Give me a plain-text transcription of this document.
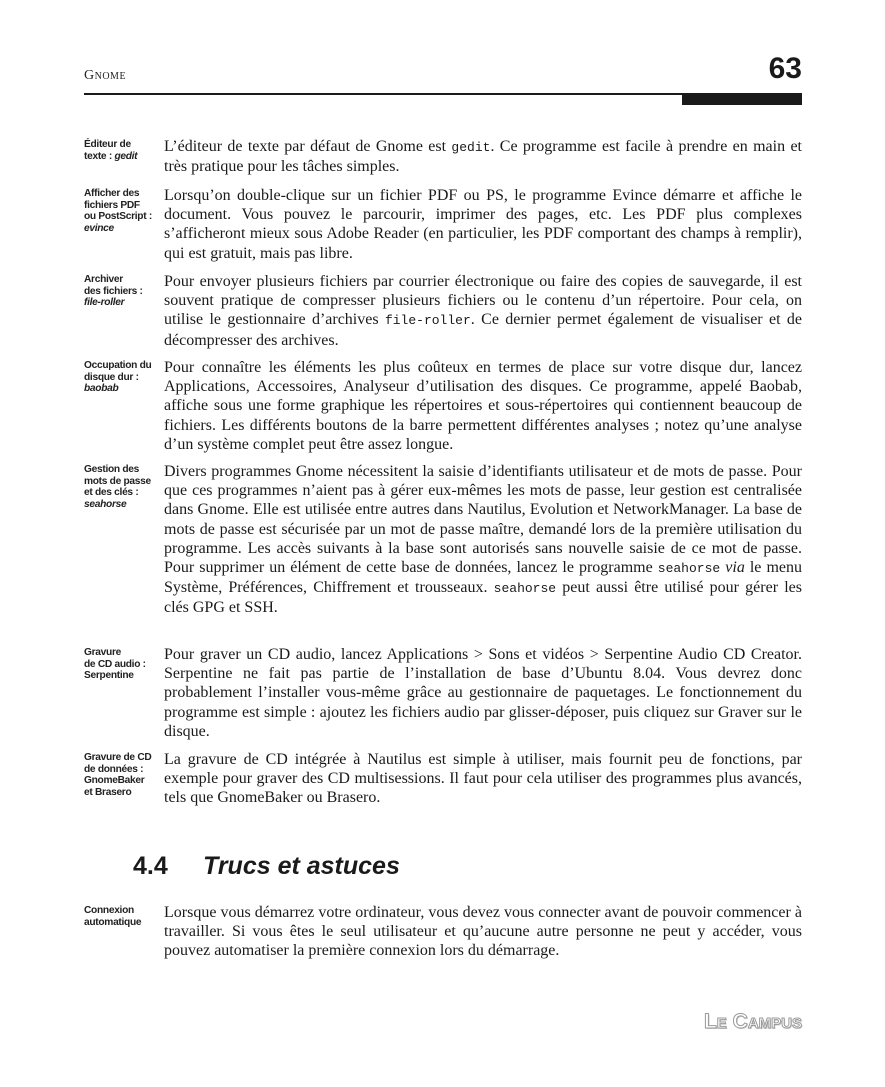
Gnome	63
Éditeur de
texte : gedit

L’éditeur de texte par défaut de Gnome est gedit. Ce programme est facile à prendre en main et très pratique pour les tâches simples.

Afficher des
fichiers PDF
ou PostScript :
evince

Lorsqu’on double-clique sur un fichier PDF ou PS, le programme Evince démarre et affiche le document. Vous pouvez le parcourir, imprimer des pages, etc. Les PDF plus complexes s’afficheront mieux sous Adobe Reader (en particulier, les PDF comportant des champs à remplir), qui est gratuit, mais pas libre.

Archiver
des fichiers :
file-roller

Pour envoyer plusieurs fichiers par courrier électronique ou faire des copies de sauvegarde, il est souvent pratique de compresser plusieurs fichiers ou le contenu d’un répertoire. Pour cela, on utilise le gestionnaire d’archives file-roller. Ce dernier permet également de visualiser et de décompresser des archives.

Occupation du
disque dur :
baobab

Pour connaître les éléments les plus coûteux en termes de place sur votre disque dur, lancez Applications, Accessoires, Analyseur d’utilisation des disques. Ce programme, appelé Baobab, affiche sous une forme graphique les répertoires et sous-répertoires qui contiennent beaucoup de fichiers. Les différents boutons de la barre permettent différentes analyses ; notez qu’une analyse d’un système complet peut être assez longue.

Gestion des
mots de passe
et des clés :
seahorse

Divers programmes Gnome nécessitent la saisie d’identifiants utilisateur et de mots de passe. Pour que ces programmes n’aient pas à gérer eux-mêmes les mots de passe, leur gestion est centralisée dans Gnome. Elle est utilisée entre autres dans Nautilus, Evolution et NetworkManager. La base de mots de passe est sécurisée par un mot de passe maître, demandé lors de la première utilisation du programme. Les accès suivants à la base sont autorisés sans nouvelle saisie de ce mot de passe. Pour supprimer un élément de cette base de données, lancez le programme seahorse via le menu Système, Préférences, Chiffrement et trousseaux. seahorse peut aussi être utilisé pour gérer les clés GPG et SSH.

Gravure
de CD audio :
Serpentine

Pour graver un CD audio, lancez Applications > Sons et vidéos > Serpentine Audio CD Creator. Serpentine ne fait pas partie de l’installation de base d’Ubuntu 8.04. Vous devrez donc probablement l’installer vous-même grâce au gestionnaire de paquetages. Le fonctionnement du programme est simple : ajoutez les fichiers audio par glisser-déposer, puis cliquez sur Graver sur le disque.

Gravure de CD
de données :
GnomeBaker
et Brasero

La gravure de CD intégrée à Nautilus est simple à utiliser, mais fournit peu de fonctions, par exemple pour graver des CD multisessions. Il faut pour cela utiliser des programmes plus avancés, tels que GnomeBaker ou Brasero.

4.4 Trucs et astuces
Connexion
automatique

Lorsque vous démarrez votre ordinateur, vous devez vous connecter avant de pouvoir commencer à travailler. Si vous êtes le seul utilisateur et qu’aucune autre personne ne peut y accéder, vous pouvez automatiser la première connexion lors du démarrage.

Le Campus
